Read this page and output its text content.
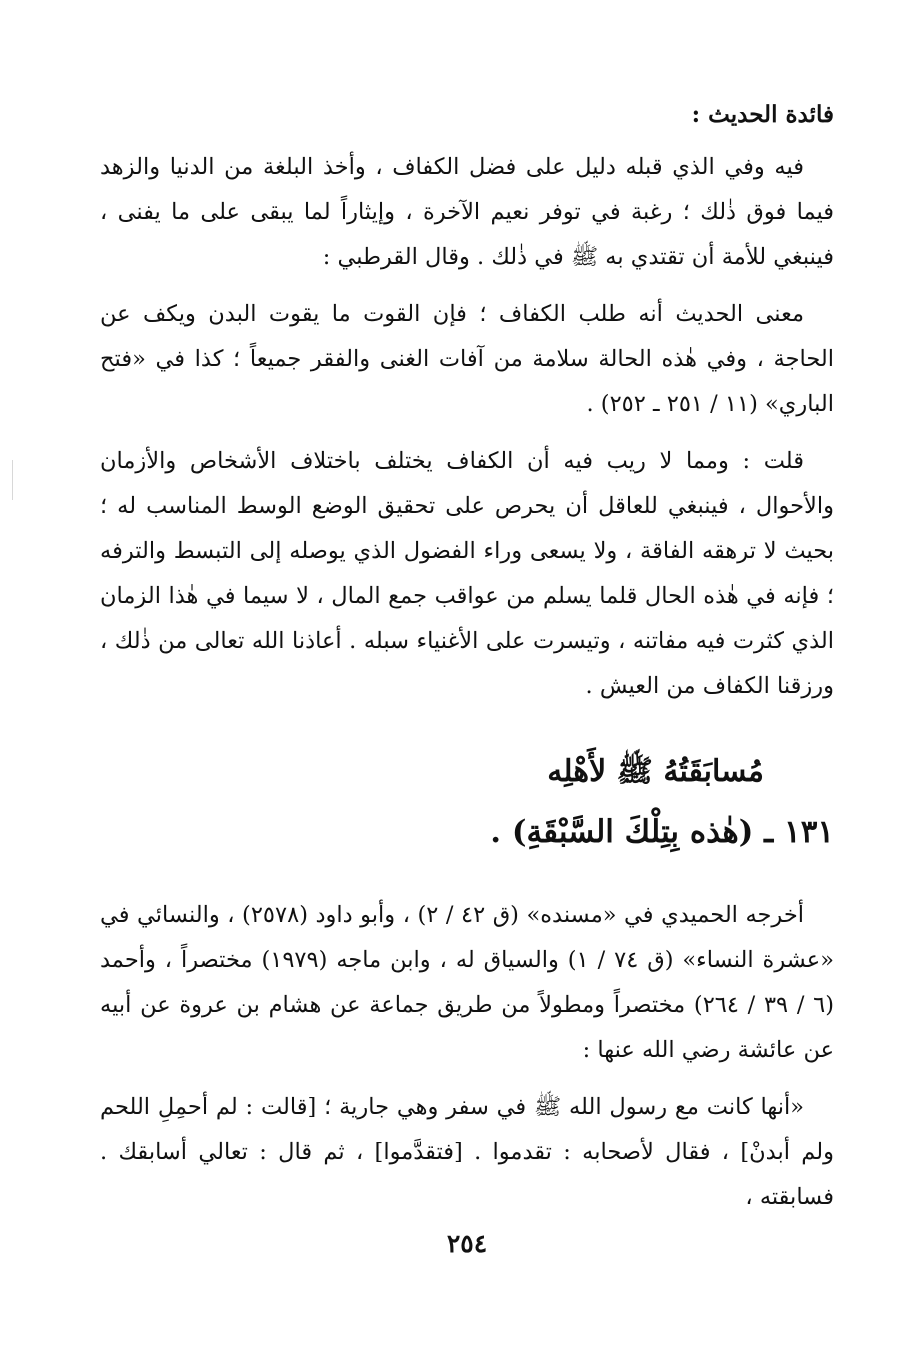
فائدة الحديث :

فيه وفي الذي قبله دليل على فضل الكفاف ، وأخذ البلغة من الدنيا والزهد فيما فوق ذٰلك ؛ رغبة في توفر نعيم الآخرة ، وإيثاراً لما يبقى على ما يفنى ، فينبغي للأمة أن تقتدي به ﷺ في ذٰلك . وقال القرطبي :

معنى الحديث أنه طلب الكفاف ؛ فإن القوت ما يقوت البدن ويكف عن الحاجة ، وفي هٰذه الحالة سلامة من آفات الغنى والفقر جميعاً ؛ كذا في «فتح الباري» (١١ / ٢٥١ ـ ٢٥٢) .

قلت : ومما لا ريب فيه أن الكفاف يختلف باختلاف الأشخاص والأزمان والأحوال ، فينبغي للعاقل أن يحرص على تحقيق الوضع الوسط المناسب له ؛ بحيث لا ترهقه الفاقة ، ولا يسعى وراء الفضول الذي يوصله إلى التبسط والترفه ؛ فإنه في هٰذه الحال قلما يسلم من عواقب جمع المال ، لا سيما في هٰذا الزمان الذي كثرت فيه مفاتنه ، وتيسرت على الأغنياء سبله . أعاذنا الله تعالى من ذٰلك ، ورزقنا الكفاف من العيش .

مُسابَقَتُهُ ﷺ لأَهْلِه
١٣١ ـ (هٰذه بِتِلْكَ السَّبْقَةِ) .

أخرجه الحميدي في «مسنده» (ق ٤٢ / ٢) ، وأبو داود (٢٥٧٨) ، والنسائي في «عشرة النساء» (ق ٧٤ / ١) والسياق له ، وابن ماجه (١٩٧٩) مختصراً ، وأحمد (٦ / ٣٩ / ٢٦٤) مختصراً ومطولاً من طريق جماعة عن هشام بن عروة عن أبيه عن عائشة رضي الله عنها :

«أنها كانت مع رسول الله ﷺ في سفر وهي جارية ؛ [قالت : لم أحمِلِ اللحم ولم أبدنْ] ، فقال لأصحابه : تقدموا . [فتقدَّموا] ، ثم قال : تعالي أسابقك . فسابقته ،

٢٥٤
